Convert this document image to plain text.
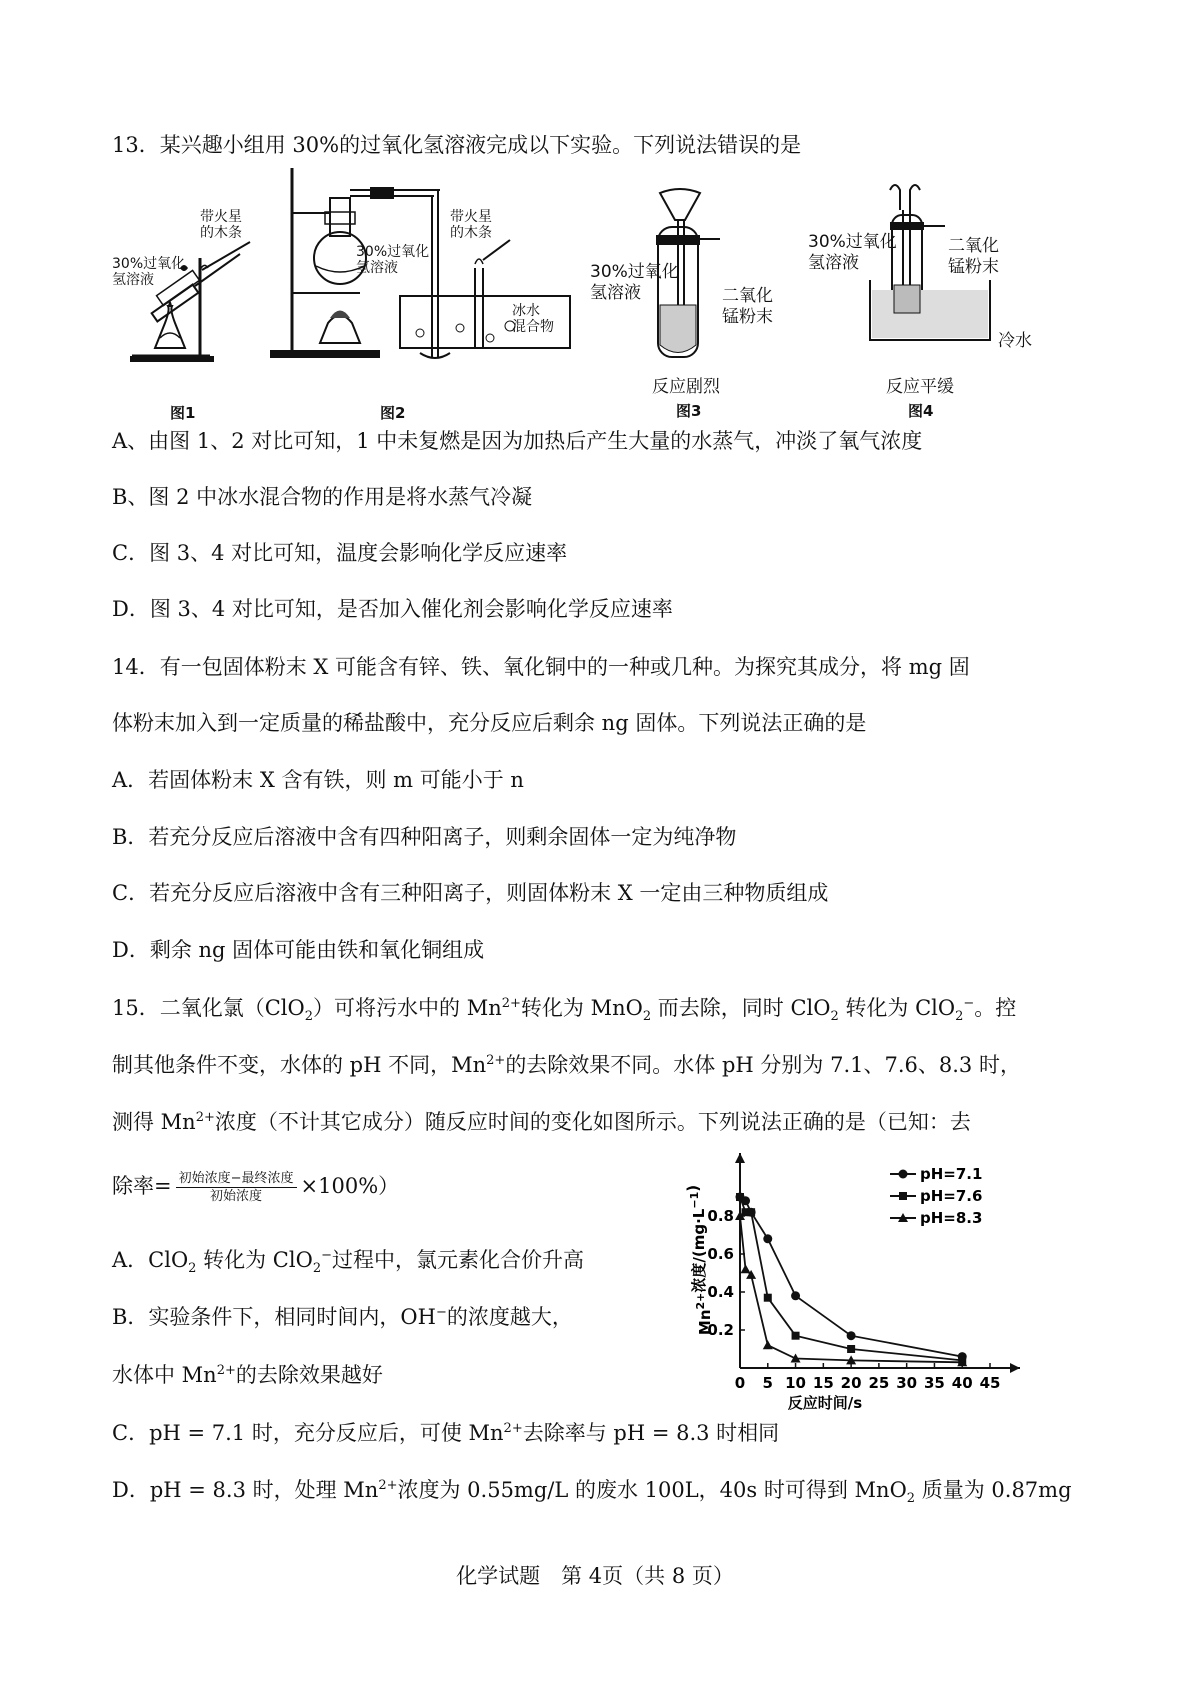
13．某兴趣小组用 30%的过氧化氢溶液完成以下实验。下列说法错误的是
带火星
的木条
30%过氧化
氢溶液
图1
带火星
的木条
30%过氧化
氢溶液
冰水
混合物
图2
30%过氧化
氢溶液	二氧化
锰粉末
反应剧烈
图3
30%过氧化
氢溶液
二氧化
锰粉末
冷水
反应平缓
图4
A、由图 1、2 对比可知，1 中未复燃是因为加热后产生大量的水蒸气，冲淡了氧气浓度
B、图 2 中冰水混合物的作用是将水蒸气冷凝
C．图 3、4 对比可知，温度会影响化学反应速率
D．图 3、4 对比可知，是否加入催化剂会影响化学反应速率
14．有一包固体粉末 X 可能含有锌、铁、氧化铜中的一种或几种。为探究其成分，将 mg 固
体粉末加入到一定质量的稀盐酸中，充分反应后剩余 ng 固体。下列说法正确的是
A．若固体粉末 X 含有铁，则 m 可能小于 n
B．若充分反应后溶液中含有四种阳离子，则剩余固体一定为纯净物
C．若充分反应后溶液中含有三种阳离子，则固体粉末 X 一定由三种物质组成
D．剩余 ng 固体可能由铁和氧化铜组成
15．二氧化氯（ClO$_2$）可将污水中的 $Mn^{2+}$转化为 MnO$_2$ 而去除，同时 ClO$_2$ 转化为 ClO$_2$−。控
制其他条件不变，水体的 pH 不同，$Mn^{2+}$的去除效果不同。水体 pH 分别为 7.1、7.6、8.3 时，
测得 $Mn^{2+}$浓度（不计其它成分）随反应时间的变化如图所示。下列说法正确的是（已知：去
除率= $\frac{\text{初始浓度−最终浓度}}{\text{初始浓度}} \times 100\%$）
A．ClO$_2$ 转化为 ClO$_2$−过程中，氯元素化合价升高
B．实验条件下，相同时间内，OH−的浓度越大，
水体中 $Mn^{2+}$的去除效果越好
C．pH = 7.1 时，充分反应后，可使 $Mn^{2+}$去除率与 pH = 8.3 时相同
D．pH = 8.3 时，处理 $Mn^{2+}$浓度为 0.55mg/L 的废水 100L，40s 时可得到 MnO$_2$ 质量为 0.87mg
0 5 10 15 20 25 30 35 40 45
0.2
0.4
0.6
0.8
pH=7.1
pH=7.6
pH=8.3
反应时间/s
$Mn^{2+}$浓度$/(mg\cdot L^{-1})$
化学试题　第 4页（共 8 页）
